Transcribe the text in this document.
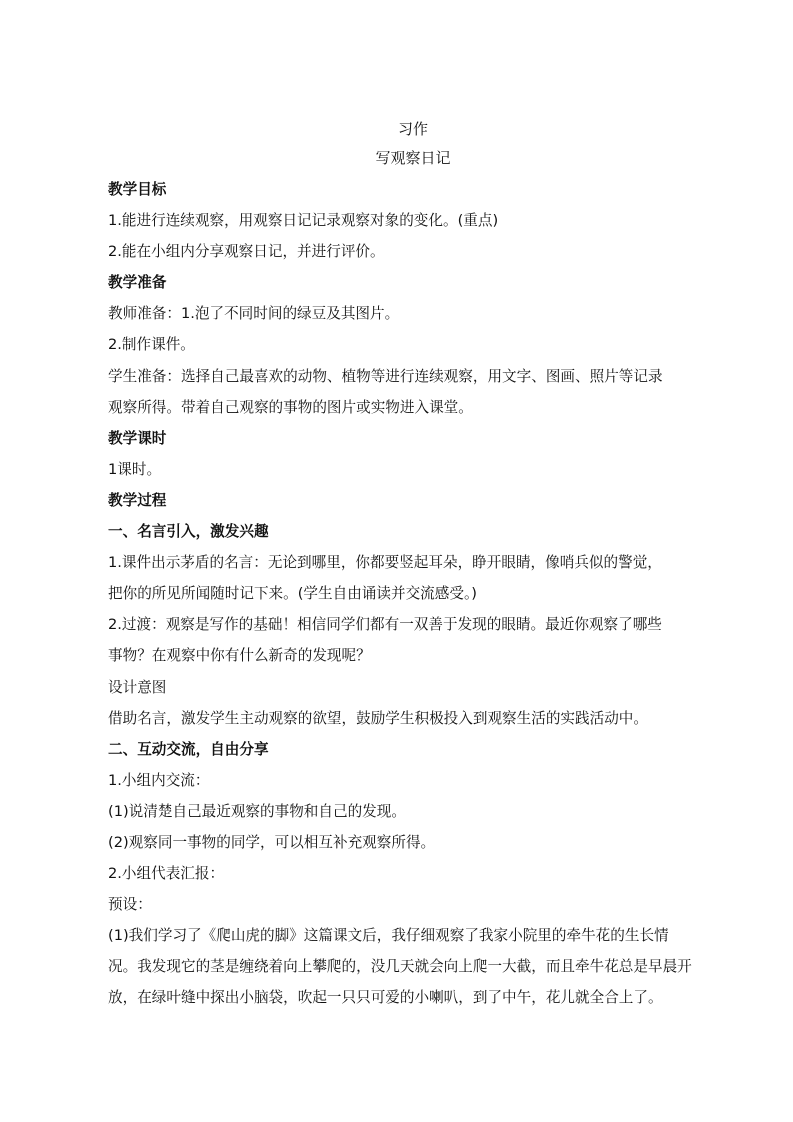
习作

写观察日记

教学目标

1.能进行连续观察，用观察日记记录观察对象的变化。(重点)

2.能在小组内分享观察日记，并进行评价。

教学准备

教师准备：1.泡了不同时间的绿豆及其图片。

2.制作课件。

学生准备：选择自己最喜欢的动物、植物等进行连续观察，用文字、图画、照片等记录

观察所得。带着自己观察的事物的图片或实物进入课堂。

教学课时

1课时。

教学过程

一、名言引入，激发兴趣

1.课件出示茅盾的名言：无论到哪里，你都要竖起耳朵，睁开眼睛，像哨兵似的警觉，

把你的所见所闻随时记下来。(学生自由诵读并交流感受。)

2.过渡：观察是写作的基础！相信同学们都有一双善于发现的眼睛。最近你观察了哪些

事物？在观察中你有什么新奇的发现呢？

设计意图

借助名言，激发学生主动观察的欲望，鼓励学生积极投入到观察生活的实践活动中。

二、互动交流，自由分享

1.小组内交流：

(1)说清楚自己最近观察的事物和自己的发现。

(2)观察同一事物的同学，可以相互补充观察所得。

2.小组代表汇报：

预设：

(1)我们学习了《爬山虎的脚》这篇课文后，我仔细观察了我家小院里的牵牛花的生长情

况。我发现它的茎是缠绕着向上攀爬的，没几天就会向上爬一大截，而且牵牛花总是早晨开

放，在绿叶缝中探出小脑袋，吹起一只只可爱的小喇叭，到了中午，花儿就全合上了。
